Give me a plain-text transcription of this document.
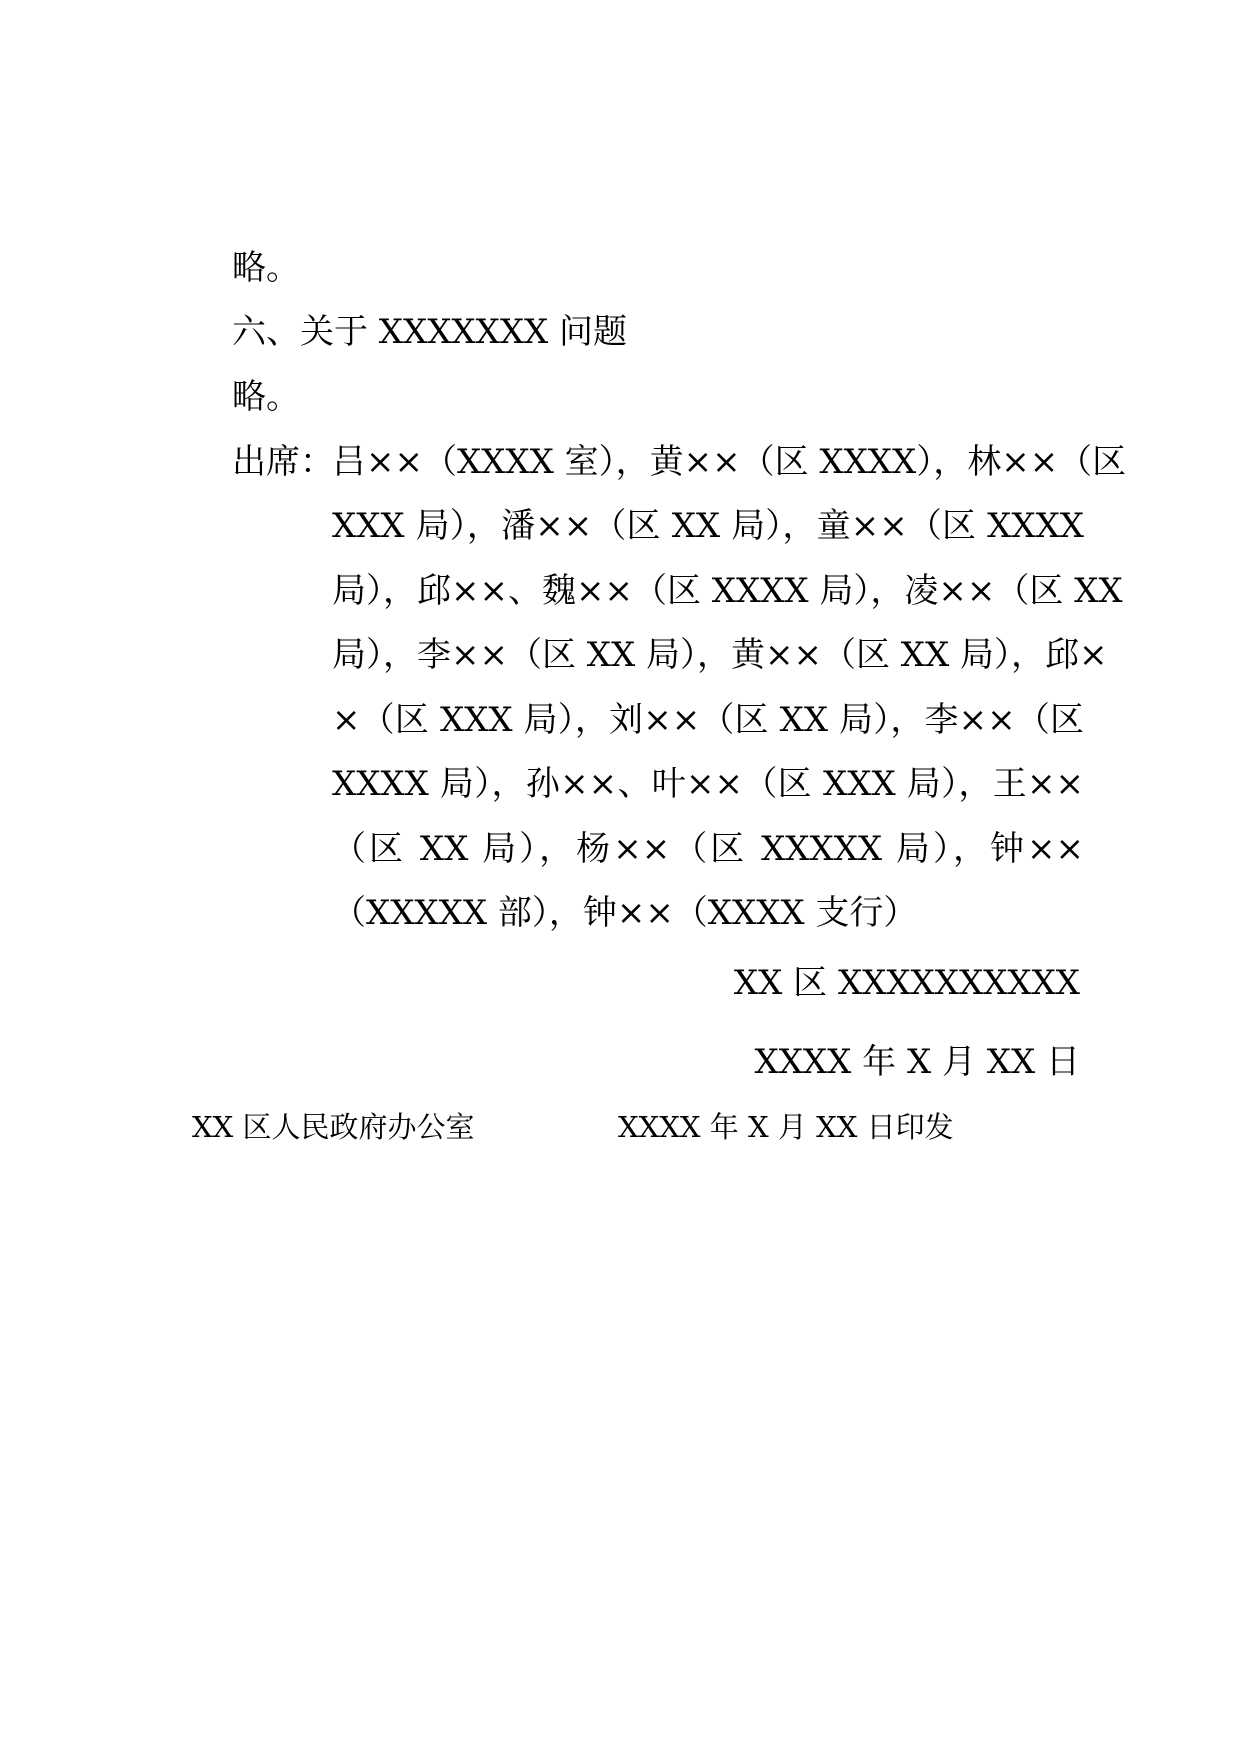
略。
六、关于 XXXXXXX 问题
略。
出席：
吕××（XXXX 室），黄××（区 XXXX），林××（区
XXX 局），潘××（区 XX 局），童××（区 XXXX
局），邱××、魏××（区 XXXX 局），凌××（区 XX
局），李××（区 XX 局），黄××（区 XX 局），邱×
×（区 XXX 局），刘××（区 XX 局），李××（区
XXXX 局），孙××、叶××（区 XXX 局），王××
（区 XX 局），杨××（区 XXXXX 局），钟××
（XXXXX 部），钟××（XXXX 支行）
XX 区 XXXXXXXXXX
XXXX 年 X 月 XX 日
XX 区人民政府办公室	XXXX 年 X 月 XX 日印发
